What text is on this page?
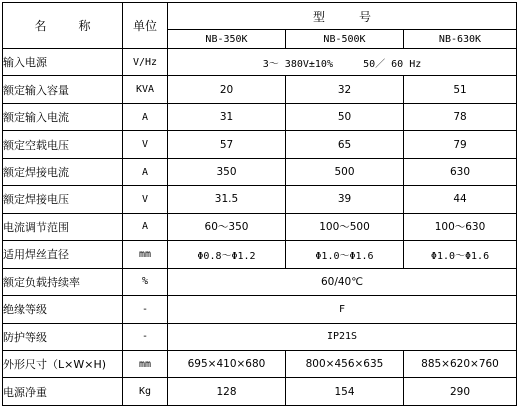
名 称	单位	型 号		
		NB-350K	NB-500K	NB-630K
输入电源	V/Hz	3～ 380V±10%     50／ 60 Hz		
额定输入容量	KVA	20	32	51
额定输入电流	A	31	50	78
额定空载电压	V	57	65	79
额定焊接电流	A	350	500	630
额定焊接电压	V	31.5	39	44
电流调节范围	A	60～350	100～500	100～630
适用焊丝直径	mm	Φ0.8～Φ1.2	Φ1.0～Φ1.6	Φ1.0～Φ1.6
额定负载持续率	%	60/40℃		
绝缘等级	-	F		
防护等级	-	IP21S		
外形尺寸（L×W×H)	mm	695×410×680	800×456×635	885×620×760
电源净重	Kg	128	154	290
